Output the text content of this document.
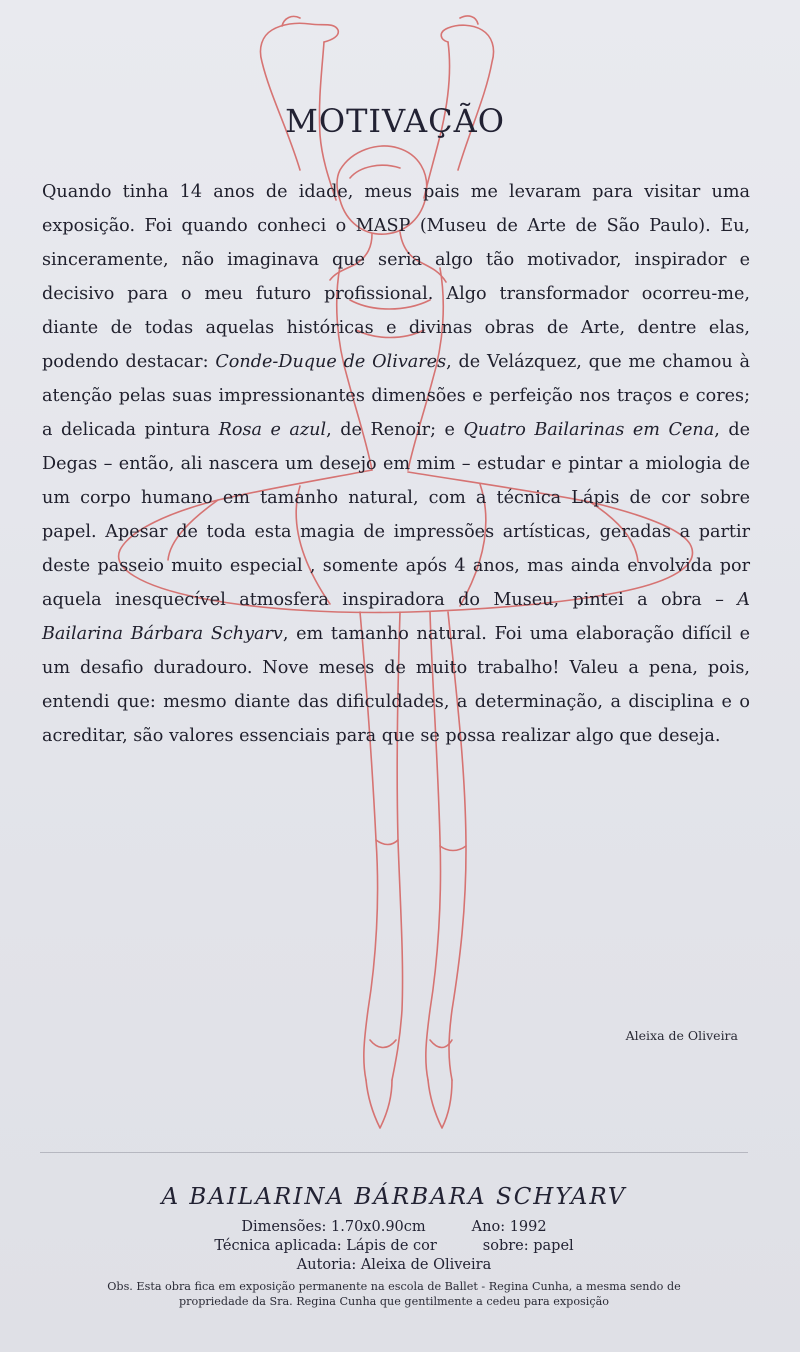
MOTIVAÇÃO

Quando tinha 14 anos de idade, meus pais me levaram para visitar uma exposição. Foi quando conheci o MASP (Museu de Arte de São Paulo). Eu, sinceramente, não imaginava que seria algo tão motivador, inspirador e decisivo para o meu futuro profissional. Algo transformador ocorreu-me, diante de todas aquelas históricas e divinas obras de Arte, dentre elas, podendo destacar: Conde-Duque de Olivares, de Velázquez, que me chamou à atenção pelas suas impressionantes dimensões e perfeição nos traços e cores; a delicada pintura Rosa e azul, de Renoir; e Quatro Bailarinas em Cena, de Degas – então, ali nascera um desejo em mim – estudar e pintar a miologia de um corpo humano em tamanho natural, com a técnica Lápis de cor sobre papel. Apesar de toda esta magia de impressões artísticas, geradas a partir deste passeio muito especial , somente após 4 anos, mas ainda envolvida por aquela inesquecível atmosfera inspiradora do Museu, pintei a obra – A Bailarina Bárbara Schyarv, em tamanho natural. Foi uma elaboração difícil e um desafio duradouro. Nove meses de muito trabalho! Valeu a pena, pois, entendi que: mesmo diante das dificuldades, a determinação, a disciplina e o acreditar, são valores essenciais para que se possa realizar algo que deseja.

Aleixa de Oliveira
A BAILARINA BÁRBARA SCHYARV

Dimensões: 1.70x0.90cm	Ano: 1992

Técnica aplicada: Lápis de cor	sobre: papel

Autoria: Aleixa de Oliveira

Obs. Esta obra fica em exposição permanente na escola de Ballet - Regina Cunha, a mesma sendo de
propriedade da Sra. Regina Cunha que gentilmente a cedeu para exposição
